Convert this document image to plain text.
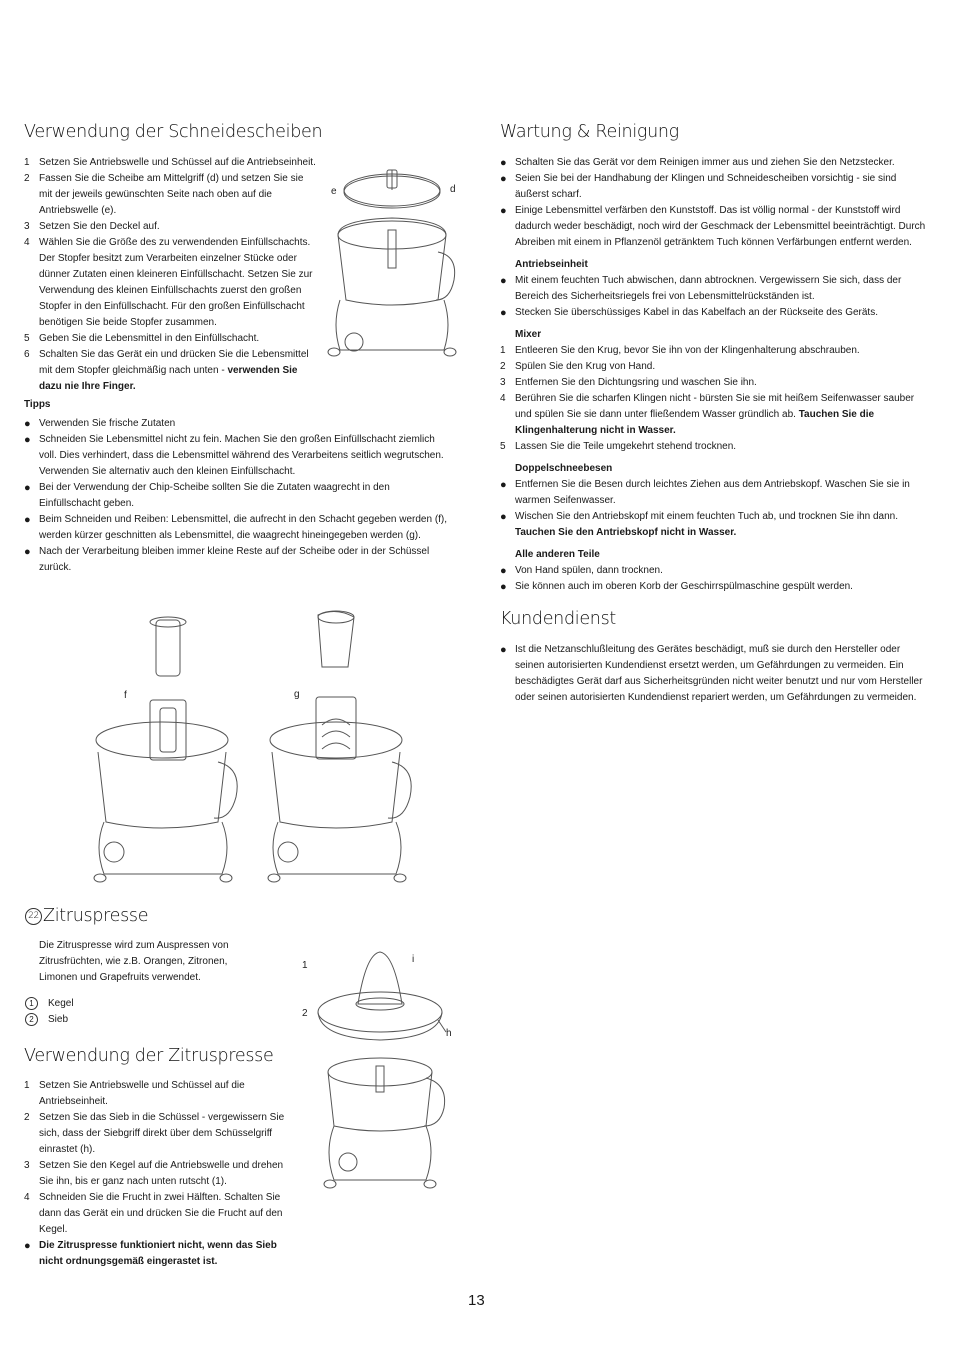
Verwendung der Schneidescheiben
1 Setzen Sie Antriebswelle und Schüssel auf die Antriebseinheit.
2 Fassen Sie die Scheibe am Mittelgriff (d) und setzen Sie sie mit der jeweils gewünschten Seite nach oben auf die Antriebswelle (e).
3 Setzen Sie den Deckel auf.
4 Wählen Sie die Größe des zu verwendenden Einfüllschachts. Der Stopfer besitzt zum Verarbeiten einzelner Stücke oder dünner Zutaten einen kleineren Einfüllschacht. Setzen Sie zur Verwendung des kleinen Einfüllschachts zuerst den großen Stopfer in den Einfüllschacht. Für den großen Einfüllschacht benötigen Sie beide Stopfer zusammen.
5 Geben Sie die Lebensmittel in den Einfüllschacht.
6 Schalten Sie das Gerät ein und drücken Sie die Lebensmittel mit dem Stopfer gleichmäßig nach unten - verwenden Sie dazu nie Ihre Finger.
Tipps
● Verwenden Sie frische Zutaten
● Schneiden Sie Lebensmittel nicht zu fein. Machen Sie den großen Einfüllschacht ziemlich voll. Dies verhindert, dass die Lebensmittel während des Verarbeitens seitlich wegrutschen. Verwenden Sie alternativ auch den kleinen Einfüllschacht.
● Bei der Verwendung der Chip-Scheibe sollten Sie die Zutaten waagrecht in den Einfüllschacht geben.
● Beim Schneiden und Reiben: Lebensmittel, die aufrecht in den Schacht gegeben werden (f), werden kürzer geschnitten als Lebensmittel, die waagrecht hineingegeben werden (g).
● Nach der Verarbeitung bleiben immer kleine Reste auf der Scheibe oder in der Schüssel zurück.
e	d
f	g
22 Zitruspresse
Die Zitruspresse wird zum Auspressen von Zitrusfrüchten, wie z.B. Orangen, Zitronen, Limonen und Grapefruits verwendet.
1	Kegel
2	Sieb
Verwendung der Zitruspresse
1 Setzen Sie Antriebswelle und Schüssel auf die Antriebseinheit.
2 Setzen Sie das Sieb in die Schüssel - vergewissern Sie sich, dass der Siebgriff direkt über dem Schüsselgriff einrastet (h).
3 Setzen Sie den Kegel auf die Antriebswelle und drehen Sie ihn, bis er ganz nach unten rutscht (1).
4 Schneiden Sie die Frucht in zwei Hälften. Schalten Sie dann das Gerät ein und drücken Sie die Frucht auf den Kegel.
● Die Zitruspresse funktioniert nicht, wenn das Sieb nicht ordnungsgemäß eingerastet ist.
1
2
i
h
Wartung & Reinigung
● Schalten Sie das Gerät vor dem Reinigen immer aus und ziehen Sie den Netzstecker.
● Seien Sie bei der Handhabung der Klingen und Schneidescheiben vorsichtig - sie sind äußerst scharf.
● Einige Lebensmittel verfärben den Kunststoff. Das ist völlig normal - der Kunststoff wird dadurch weder beschädigt, noch wird der Geschmack der Lebensmittel beeinträchtigt. Durch Abreiben mit einem in Pflanzenöl getränktem Tuch können Verfärbungen entfernt werden.
Antriebseinheit
● Mit einem feuchten Tuch abwischen, dann abtrocknen. Vergewissern Sie sich, dass der Bereich des Sicherheitsriegels frei von Lebensmittelrückständen ist.
● Stecken Sie überschüssiges Kabel in das Kabelfach an der Rückseite des Geräts.
Mixer
1 Entleeren Sie den Krug, bevor Sie ihn von der Klingenhalterung abschrauben.
2 Spülen Sie den Krug von Hand.
3 Entfernen Sie den Dichtungsring und waschen Sie ihn.
4 Berühren Sie die scharfen Klingen nicht - bürsten Sie sie mit heißem Seifenwasser sauber und spülen Sie sie dann unter fließendem Wasser gründlich ab. Tauchen Sie die Klingenhalterung nicht in Wasser.
5 Lassen Sie die Teile umgekehrt stehend trocknen.
Doppelschneebesen
● Entfernen Sie die Besen durch leichtes Ziehen aus dem Antriebskopf. Waschen Sie sie in warmen Seifenwasser.
● Wischen Sie den Antriebskopf mit einem feuchten Tuch ab, und trocknen Sie ihn dann. Tauchen Sie den Antriebskopf nicht in Wasser.
Alle anderen Teile
● Von Hand spülen, dann trocknen.
● Sie können auch im oberen Korb der Geschirrspülmaschine gespült werden.
Kundendienst
● Ist die Netzanschlußleitung des Gerätes beschädigt, muß sie durch den Hersteller oder seinen autorisierten Kundendienst ersetzt werden, um Gefährdungen zu vermeiden. Ein beschädigtes Gerät darf aus Sicherheitsgründen nicht weiter benutzt und nur vom Hersteller oder seinen autorisierten Kundendienst repariert werden, um Gefährdungen zu vermeiden.
13
